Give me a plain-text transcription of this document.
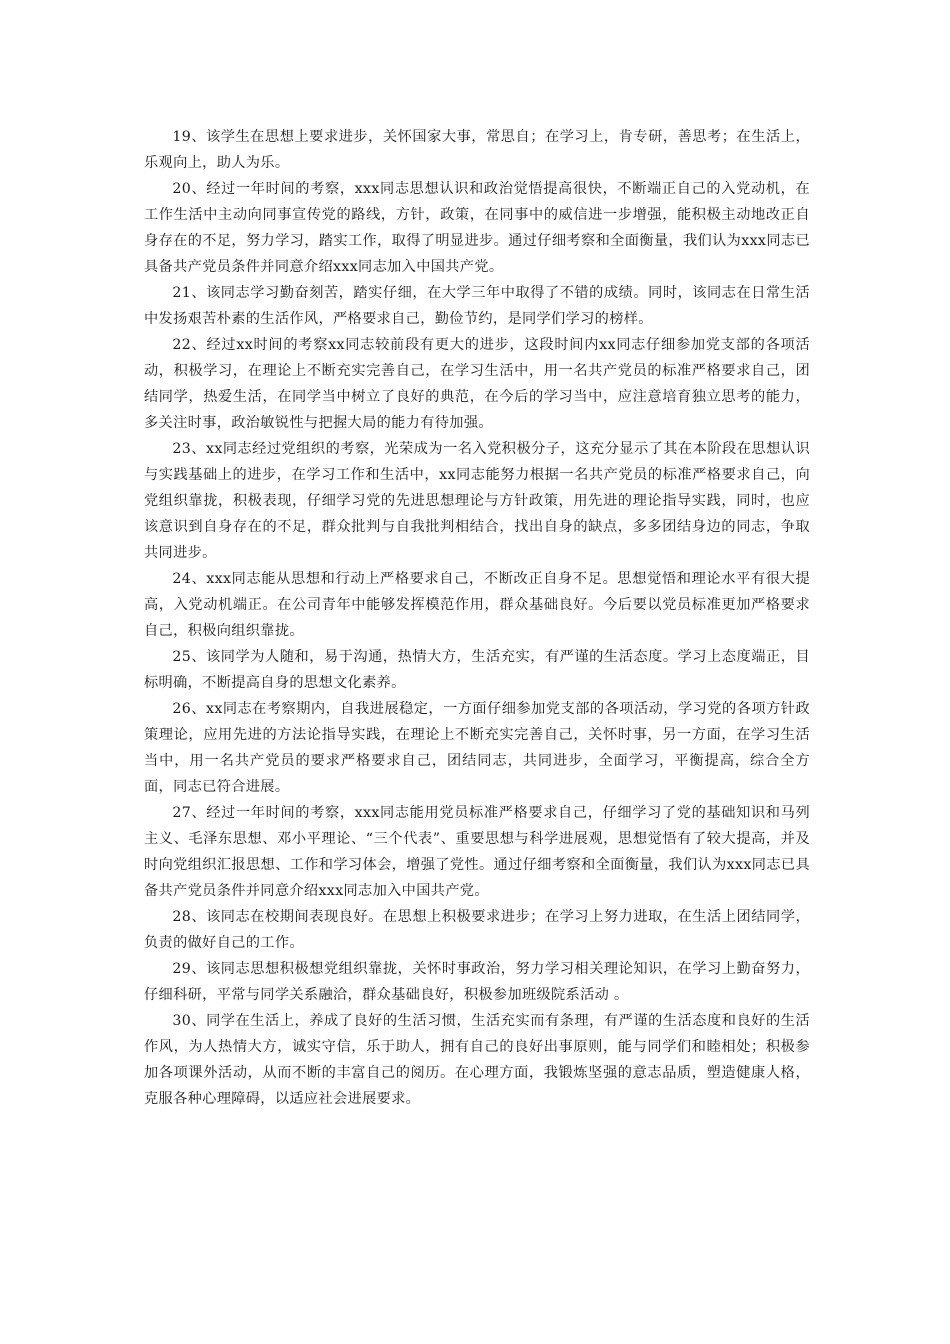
19、该学生在思想上要求进步，关怀国家大事，常思自；在学习上，肯专研，善思考；在生活上，乐观向上，助人为乐。

20、经过一年时间的考察，xxx同志思想认识和政治觉悟提高很快，不断端正自己的入党动机，在工作生活中主动向同事宣传党的路线，方针，政策，在同事中的威信进一步增强，能积极主动地改正自身存在的不足，努力学习，踏实工作，取得了明显进步。通过仔细考察和全面衡量，我们认为xxx同志已具备共产党员条件并同意介绍xxx同志加入中国共产党。

21、该同志学习勤奋刻苦，踏实仔细，在大学三年中取得了不错的成绩。同时，该同志在日常生活中发扬艰苦朴素的生活作风，严格要求自己，勤俭节约，是同学们学习的榜样。

22、经过xx时间的考察xx同志较前段有更大的进步，这段时间内xx同志仔细参加党支部的各项活动，积极学习，在理论上不断充实完善自己，在学习生活中，用一名共产党员的标准严格要求自己，团结同学，热爱生活，在同学当中树立了良好的典范，在今后的学习当中，应注意培育独立思考的能力，多关注时事，政治敏锐性与把握大局的能力有待加强。

23、xx同志经过党组织的考察，光荣成为一名入党积极分子，这充分显示了其在本阶段在思想认识与实践基础上的进步，在学习工作和生活中，xx同志能努力根据一名共产党员的标准严格要求自己，向党组织靠拢，积极表现，仔细学习党的先进思想理论与方针政策，用先进的理论指导实践，同时，也应该意识到自身存在的不足，群众批判与自我批判相结合，找出自身的缺点，多多团结身边的同志，争取共同进步。

24、xxx同志能从思想和行动上严格要求自己，不断改正自身不足。思想觉悟和理论水平有很大提高，入党动机端正。在公司青年中能够发挥模范作用，群众基础良好。今后要以党员标准更加严格要求自己，积极向组织靠拢。

25、该同学为人随和，易于沟通，热情大方，生活充实，有严谨的生活态度。学习上态度端正，目标明确，不断提高自身的思想文化素养。

26、xx同志在考察期内，自我进展稳定，一方面仔细参加党支部的各项活动，学习党的各项方针政策理论，应用先进的方法论指导实践，在理论上不断充实完善自己，关怀时事，另一方面，在学习生活当中，用一名共产党员的要求严格要求自己，团结同志，共同进步，全面学习，平衡提高，综合全方面，同志已符合进展。

27、经过一年时间的考察，xxx同志能用党员标准严格要求自己，仔细学习了党的基础知识和马列主义、毛泽东思想、邓小平理论、“三个代表”、重要思想与科学进展观，思想觉悟有了较大提高，并及时向党组织汇报思想、工作和学习体会，增强了党性。通过仔细考察和全面衡量，我们认为xxx同志已具备共产党员条件并同意介绍xxx同志加入中国共产党。

28、该同志在校期间表现良好。在思想上积极要求进步；在学习上努力进取，在生活上团结同学，负责的做好自己的工作。

29、该同志思想积极想党组织靠拢，关怀时事政治，努力学习相关理论知识，在学习上勤奋努力，仔细科研，平常与同学关系融洽，群众基础良好，积极参加班级院系活动 。

30、同学在生活上，养成了良好的生活习惯，生活充实而有条理，有严谨的生活态度和良好的生活作风，为人热情大方，诚实守信，乐于助人，拥有自己的良好出事原则，能与同学们和睦相处；积极参加各项课外活动，从而不断的丰富自己的阅历。在心理方面，我锻炼坚强的意志品质，塑造健康人格，克服各种心理障碍，以适应社会进展要求。
